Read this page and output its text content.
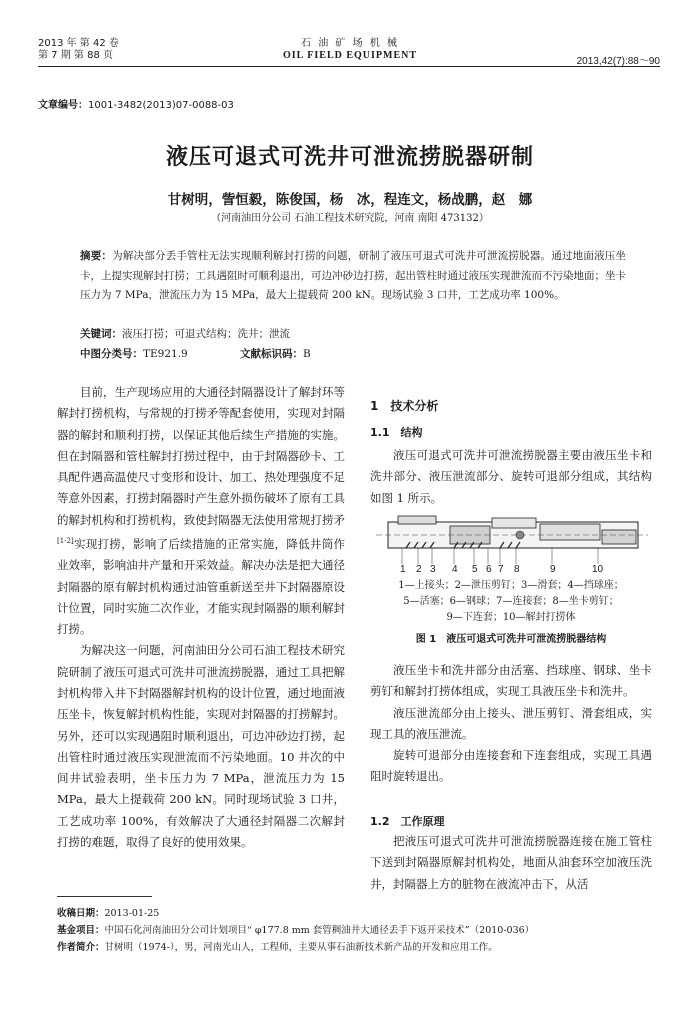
2013 年 第 42 卷
第 7 期 第 88 页
石 油 矿 场 机 械
OIL FIELD EQUIPMENT
2013,42(7):88～90
文章编号：1001-3482(2013)07-0088-03
液压可退式可洗井可泄流捞脱器研制
甘树明，訾恒毅，陈俊国，杨　冰，程连文，杨战鹏，赵　娜
（河南油田分公司 石油工程技术研究院，河南 南阳 473132）
摘要：为解决部分丢手管柱无法实现顺利解封打捞的问题，研制了液压可退式可洗井可泄流捞脱器。通过地面液压坐卡，上提实现解封打捞；工具遇阻时可顺利退出，可边冲砂边打捞，起出管柱时通过液压实现泄流而不污染地面；坐卡压力为 7 MPa，泄流压力为 15 MPa，最大上提载荷 200 kN。现场试验 3 口井，工艺成功率 100%。
关键词：液压打捞；可退式结构；洗井；泄流
中图分类号：TE921.9	文献标识码：B

目前，生产现场应用的大通径封隔器设计了解封环等解封打捞机构，与常规的打捞矛等配套使用，实现对封隔器的解封和顺利打捞，以保证其他后续生产措施的实施。但在封隔器和管柱解封打捞过程中，由于封隔器砂卡、工具配件遇高温使尺寸变形和设计、加工、热处理强度不足等意外因素，打捞封隔器时产生意外损伤破坏了原有工具的解封机构和打捞机构，致使封隔器无法使用常规打捞矛[1-2]实现打捞，影响了后续措施的正常实施，降低井筒作业效率，影响油井产量和开采效益。解决办法是把大通径封隔器的原有解封机构通过油管重新送至井下封隔器原设计位置，同时实施二次作业，才能实现封隔器的顺利解封打捞。

为解决这一问题，河南油田分公司石油工程技术研究院研制了液压可退式可洗井可泄流捞脱器，通过工具把解封机构带入井下封隔器解封机构的设计位置，通过地面液压坐卡，恢复解封机构性能，实现对封隔器的打捞解封。另外，还可以实现遇阻时顺利退出，可边冲砂边打捞，起出管柱时通过液压实现泄流而不污染地面。10 井次的中间井试验表明，坐卡压力为 7 MPa，泄流压力为 15 MPa，最大上提载荷 200 kN。同时现场试验 3 口井，工艺成功率 100%，有效解决了大通径封隔器二次解封打捞的难题，取得了良好的使用效果。

1　技术分析
1.1　结构

液压可退式可洗井可泄流捞脱器主要由液压坐卡和洗井部分、液压泄流部分、旋转可退部分组成，其结构如图 1 所示。

1 2 3 4 5 6 7 8	9	10
1—上接头；2—泄压剪钉；3—滑套；4—挡球座；
5—活塞；6—钢球；7—连接套；8—坐卡剪钉；
9—下连套；10—解封打捞体
图 1　液压可退式可洗井可泄流捞脱器结构

液压坐卡和洗井部分由活塞、挡球座、钢球、坐卡剪钉和解封打捞体组成，实现工具液压坐卡和洗井。

液压泄流部分由上接头、泄压剪钉、滑套组成，实现工具的液压泄流。

旋转可退部分由连接套和下连套组成，实现工具遇阻时旋转退出。

1.2　工作原理

把液压可退式可洗井可泄流捞脱器连接在施工管柱下送到封隔器原解封机构处，地面从油套环空加液压洗井，封隔器上方的脏物在液流冲击下，从活

收稿日期：2013-01-25
基金项目：中国石化河南油田分公司计划项目“ φ177.8 mm 套管稠油井大通径丢手下返开采技术”（2010-036）
作者简介：甘树明（1974-），男，河南光山人，工程师，主要从事石油新技术新产品的开发和应用工作。
